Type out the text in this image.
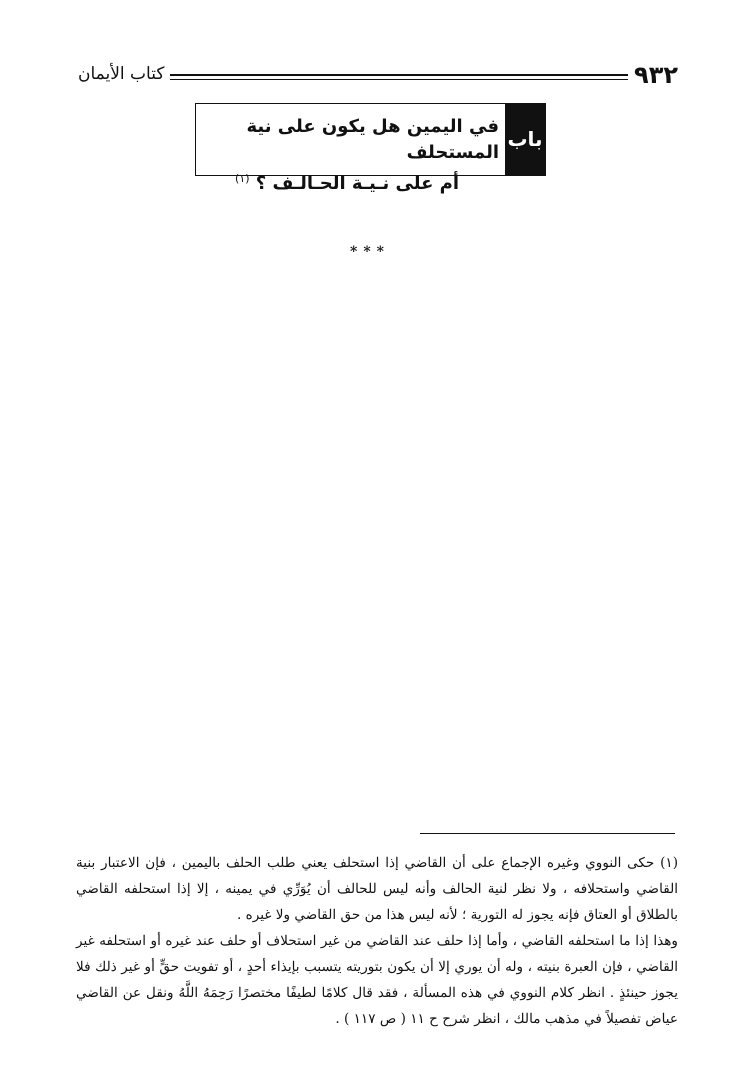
٩٣٢
كتاب الأيمان
باب
في اليمين هل يكون على نية المستحلف
أم على نـيـة الحـالـف ؟ $^{(١)}$
***

(١) حكى النووي وغيره الإجماع على أن القاضي إذا استحلف يعني طلب الحلف باليمين ، فإن الاعتبار بنية القاضي واستحلافه ، ولا نظر لنية الحالف وأنه ليس للحالف أن يُوَرِّي في يمينه ، إلا إذا استحلفه القاضي بالطلاق أو العتاق فإنه يجوز له التورية ؛ لأنه ليس هذا من حق القاضي ولا غيره .

وهذا إذا ما استحلفه القاضي ، وأما إذا حلف عند القاضي من غير استحلاف أو حلف عند غيره أو استحلفه غير القاضي ، فإن العبرة بنيته ، وله أن يوري إلا أن يكون بتوريته يتسبب بإيذاء أحدٍ ، أو تفويت حقٍّ أو غير ذلك فلا يجوز حينئذٍ . انظر كلام النووي في هذه المسألة ، فقد قال كلامًا لطيفًا مختصرًا رَحِمَهُ اللَّهُ ونقل عن القاضي عياض تفصيلاً في مذهب مالك ، انظر شرح ح ١١ ( ص ١١٧ ) .
